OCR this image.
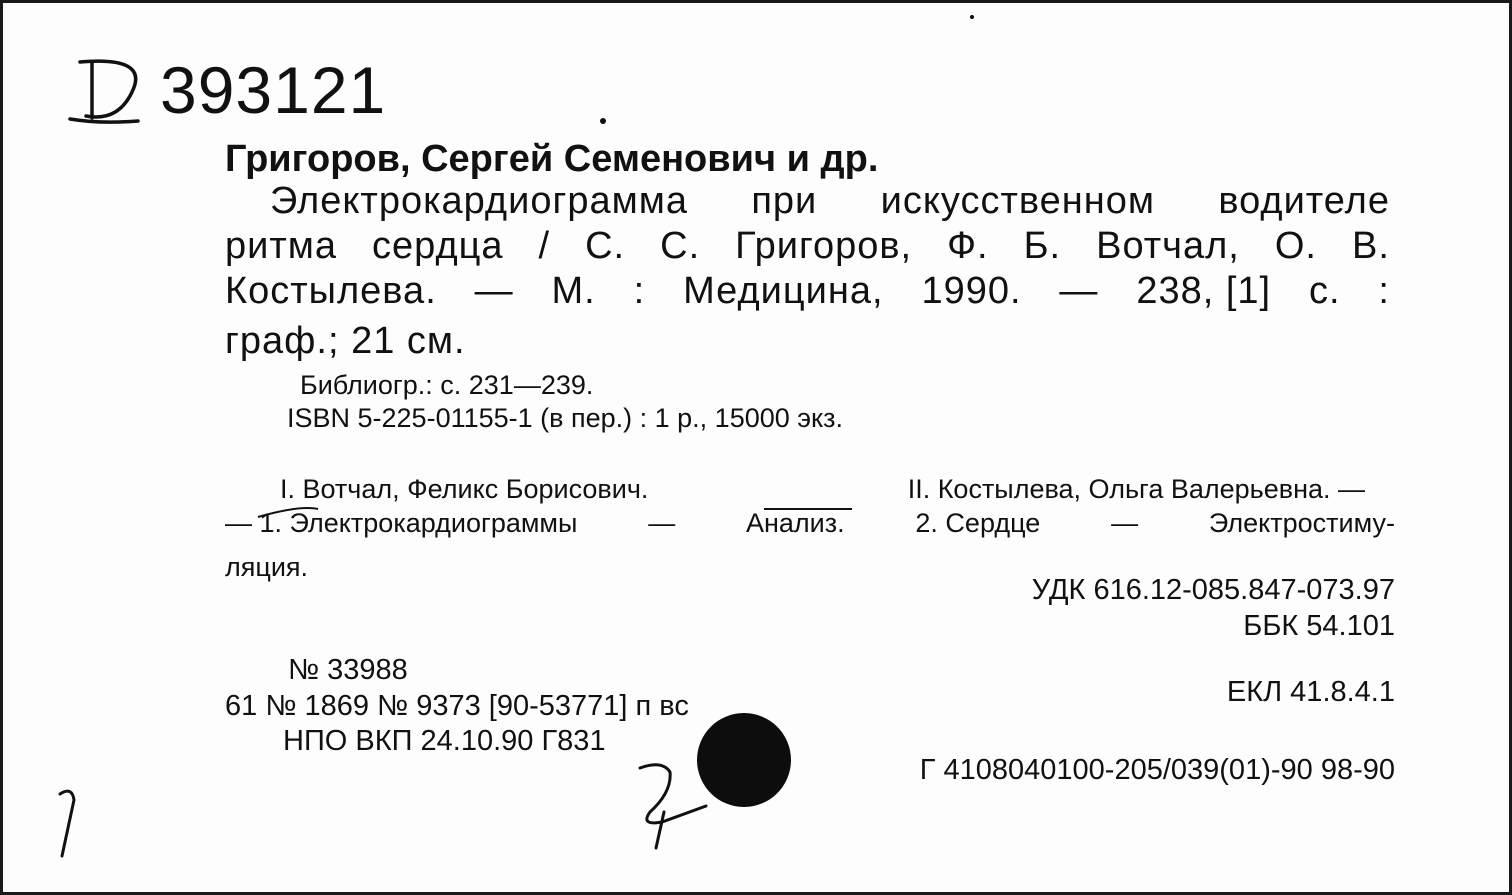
393121
Григоров, Сергей Семенович и др.
Электрокардиограмма при искусственном водителе
ритма сердца / С. С. Григоров, Ф. Б. Вотчал, О. В.
Костылева. — М. : Медицина, 1990. — 238, [1] с. :
граф.; 21 см.
Библиогр.: с. 231—239.
ISBN 5-225-01155-1 (в пер.) : 1 р., 15000 экз.
I. Вотчал, Феликс Борисович.	II. Костылева, Ольга Валерьевна. —
— 1. Электрокардиограммы	—	Анализ.	2. Сердце	—	Электростиму-
ляция.
УДК 616.12-085.847-073.97
ББК 54.101
ЕКЛ 41.8.4.1
Г 4108040100-205/039(01)-90 98-90
№ 33988
61 № 1869 № 9373 [90-53771] п вс
НПО ВКП 24.10.90 Г831
